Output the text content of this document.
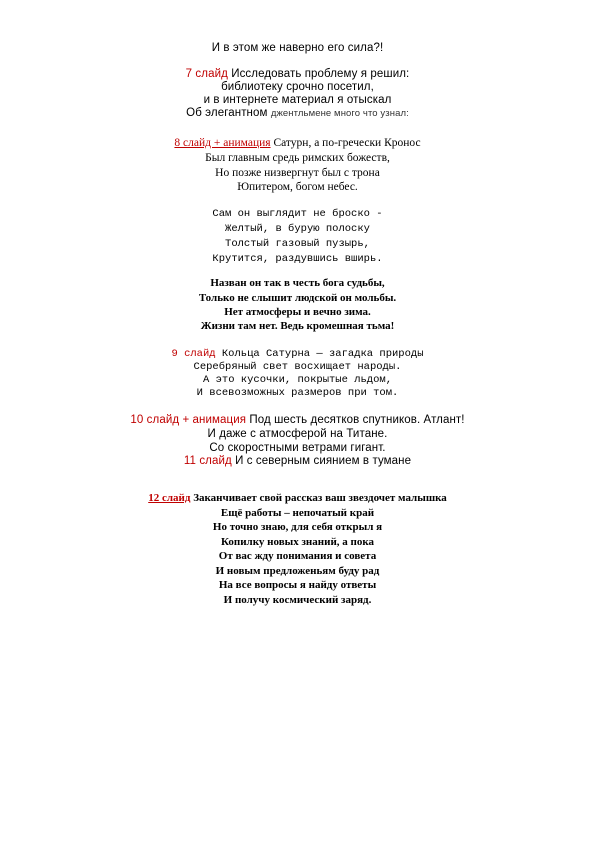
И в этом же наверно его сила?!
7 слайд Исследовать проблему я решил:
библиотеку срочно посетил,
и в интернете материал я отыскал
Об элегантном джентльмене много что узнал:
8 слайд + анимация Сатурн, а по-гречески Кронос
Был главным средь римских божеств,
Но позже низвергнут был с трона
Юпитером, богом небес.
Сам он выглядит не броско -
Желтый, в бурую полоску
Толстый газовый пузырь,
Крутится, раздувшись вширь.
Назван он так в честь бога судьбы,
Только не слышит людской он мольбы.
Нет атмосферы и вечно зима.
Жизни там нет. Ведь кромешная тьма!
9 слайд Кольца Сатурна — загадка природы
Серебряный свет восхищает народы.
А это кусочки, покрытые льдом,
И всевозможных размеров при том.
10 слайд + анимация Под шесть десятков спутников. Атлант!
И даже с атмосферой на Титане.
Со скоростными ветрами гигант.
11 слайд И с северным сиянием в тумане
12 слайд Заканчивает свой рассказ ваш звездочет малышка
Ещё работы – непочатый край
Но точно знаю, для себя открыл я
Копилку новых знаний, а пока
От вас жду понимания и совета
И новым предложеньям буду рад
На все вопросы я найду ответы
И получу космический заряд.
